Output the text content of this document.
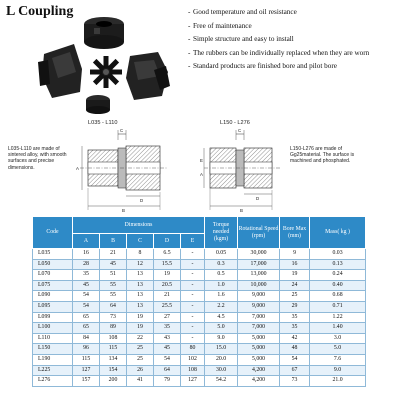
L Coupling	- Good temperature and oil resistance
- Free of maintenance
- Simple structure and easy to install
- The rubbers can be individually replaced when they are worn
- Standard products are finished bore and pilot bore
L035 - L110	L150 - L276
L035-L110 are made of sintered alloy, with smooth surfaces and precise dimensions.
L150-L276 are made of Gg25material. The surface is machined and phosphated.
C
A
D
B
C
E
A
D
B
Code	Dimensions					Torque needed (kgm)	Rotational Speed (rpm)	Bore Max (mm)	Mass( kg )
	A	B	C	D	E				
L035	16	21	8	6.5	-	0.05	30,000	9	0.03
L050	28	45	12	15.5	-	0.3	17,000	16	0.13
L070	35	51	13	19	-	0.5	13,000	19	0.24
L075	45	55	13	20.5	-	1.0	10,000	24	0.40
L090	54	55	13	21	-	1.6	9,000	25	0.68
L095	54	64	13	25.5	-	2.2	9,000	29	0.71
L099	65	73	19	27	-	4.5	7,000	35	1.22
L100	65	89	19	35	-	5.0	7,000	35	1.40
L110	84	108	22	43	-	9.0	5,000	42	3.0
L150	96	115	25	45	80	15.0	5,000	48	5.0
L190	115	134	25	54	102	20.0	5,000	54	7.6
L225	127	154	26	64	108	30.0	4,200	67	9.0
L276	157	200	41	79	127	54.2	4,200	73	21.0
